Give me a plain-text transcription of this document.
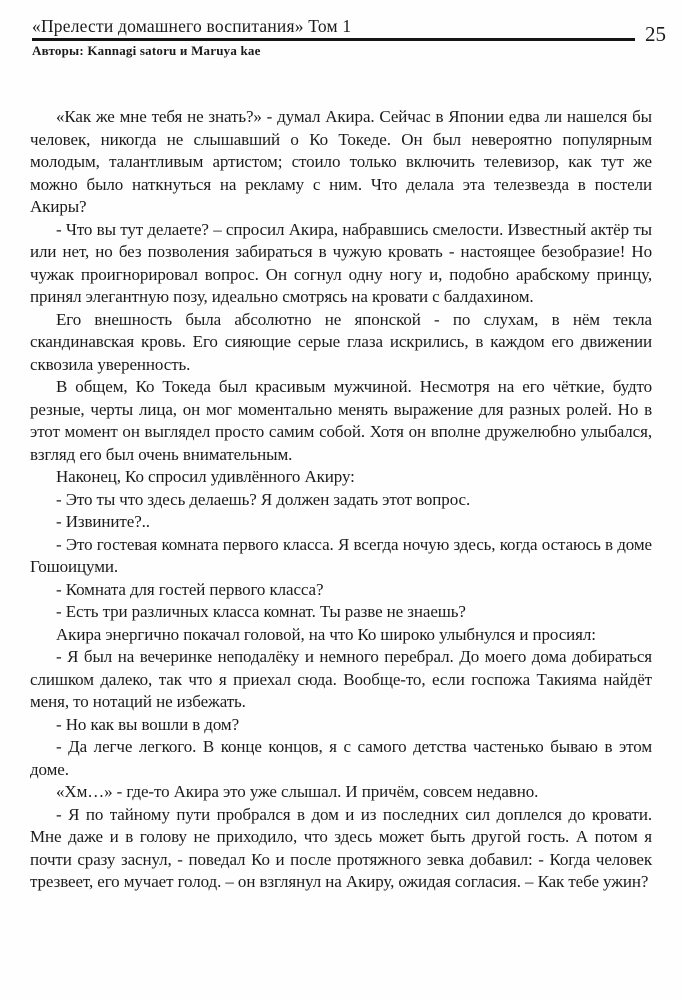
«Прелести домашнего воспитания» Том 1	25
Авторы: Kannagi satoru и Maruya kae

«Как же мне тебя не знать?» - думал Акира. Сейчас в Японии едва ли нашелся бы человек, никогда не слышавший о Ко Токеде. Он был невероятно популярным молодым, талантливым артистом; стоило только включить телевизор, как тут же можно было наткнуться на рекламу с ним. Что делала эта телезвезда в постели Акиры?

- Что вы тут делаете? – спросил Акира, набравшись смелости. Известный актёр ты или нет, но без позволения забираться в чужую кровать - настоящее безобразие! Но чужак проигнорировал вопрос. Он согнул одну ногу и, подобно арабскому принцу, принял элегантную позу, идеально смотрясь на кровати с балдахином.

Его внешность была абсолютно не японской - по слухам, в нём текла скандинавская кровь. Его сияющие серые глаза искрились, в каждом его движении сквозила уверенность.

В общем, Ко Токеда был красивым мужчиной. Несмотря на его чёткие, будто резные, черты лица, он мог моментально менять выражение для разных ролей. Но в этот момент он выглядел просто самим собой. Хотя он вполне дружелюбно улыбался, взгляд его был очень внимательным.

Наконец, Ко спросил удивлённого Акиру:

- Это ты что здесь делаешь? Я должен задать этот вопрос.

- Извините?..

- Это гостевая комната первого класса. Я всегда ночую здесь, когда остаюсь в доме Гошоицуми.

- Комната для гостей первого класса?

- Есть три различных класса комнат. Ты разве не знаешь?

Акира энергично покачал головой, на что Ко широко улыбнулся и просиял:

- Я был на вечеринке неподалёку и немного перебрал. До моего дома добираться слишком далеко, так что я приехал сюда. Вообще-то, если госпожа Такияма найдёт меня, то нотаций не избежать.

- Но как вы вошли в дом?

- Да легче легкого. В конце концов, я с самого детства частенько бываю в этом доме.

«Хм…» - где-то Акира это уже слышал. И причём, совсем недавно.

- Я по тайному пути пробрался в дом и из последних сил доплелся до кровати. Мне даже и в голову не приходило, что здесь может быть другой гость. А потом я почти сразу заснул, - поведал Ко и после протяжного зевка добавил: - Когда человек трезвеет, его мучает голод. – он взглянул на Акиру, ожидая согласия. – Как тебе ужин?
